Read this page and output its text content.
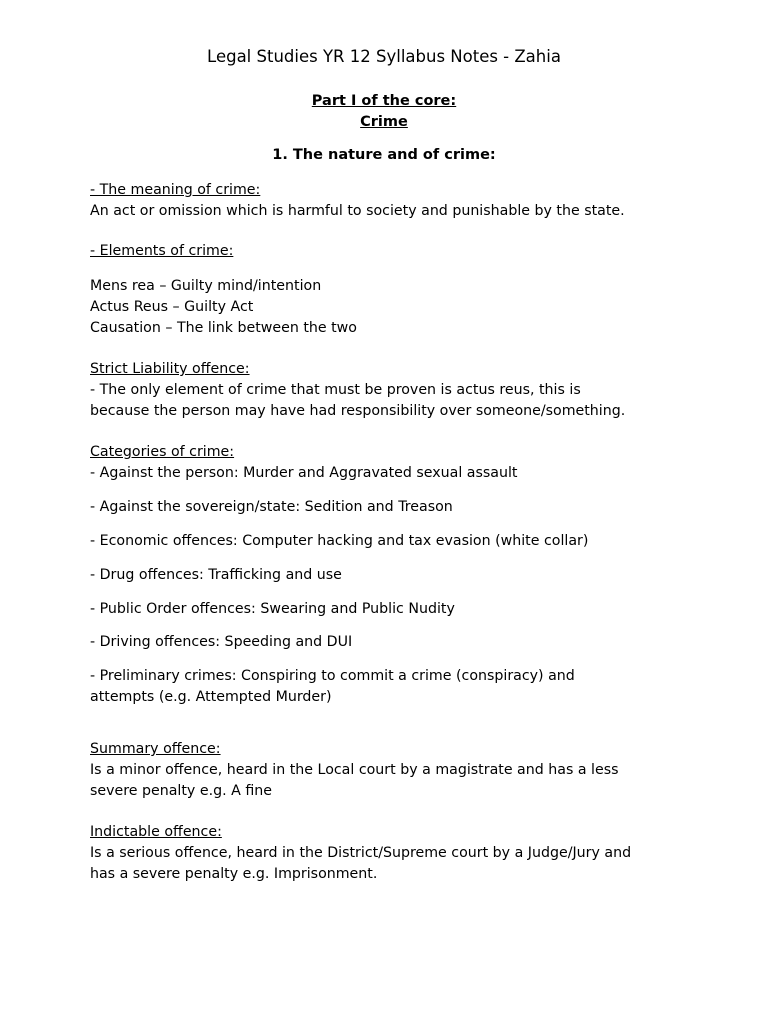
Legal Studies YR 12 Syllabus Notes - Zahia
Part I of the core:
Crime
1. The nature and of crime:
- The meaning of crime:
An act or omission which is harmful to society and punishable by the state.
- Elements of crime:
Mens rea – Guilty mind/intention
Actus Reus – Guilty Act
Causation – The link between the two
Strict Liability offence:
- The only element of crime that must be proven is actus reus, this is
because the person may have had responsibility over someone/something.
Categories of crime:
- Against the person: Murder and Aggravated sexual assault
- Against the sovereign/state: Sedition and Treason
- Economic offences: Computer hacking and tax evasion (white collar)
- Drug offences: Trafficking and use
- Public Order offences: Swearing and Public Nudity
- Driving offences: Speeding and DUI
- Preliminary crimes: Conspiring to commit a crime (conspiracy) and
attempts (e.g. Attempted Murder)
Summary offence:
Is a minor offence, heard in the Local court by a magistrate and has a less
severe penalty e.g. A fine
Indictable offence:
Is a serious offence, heard in the District/Supreme court by a Judge/Jury and
has a severe penalty e.g. Imprisonment.
